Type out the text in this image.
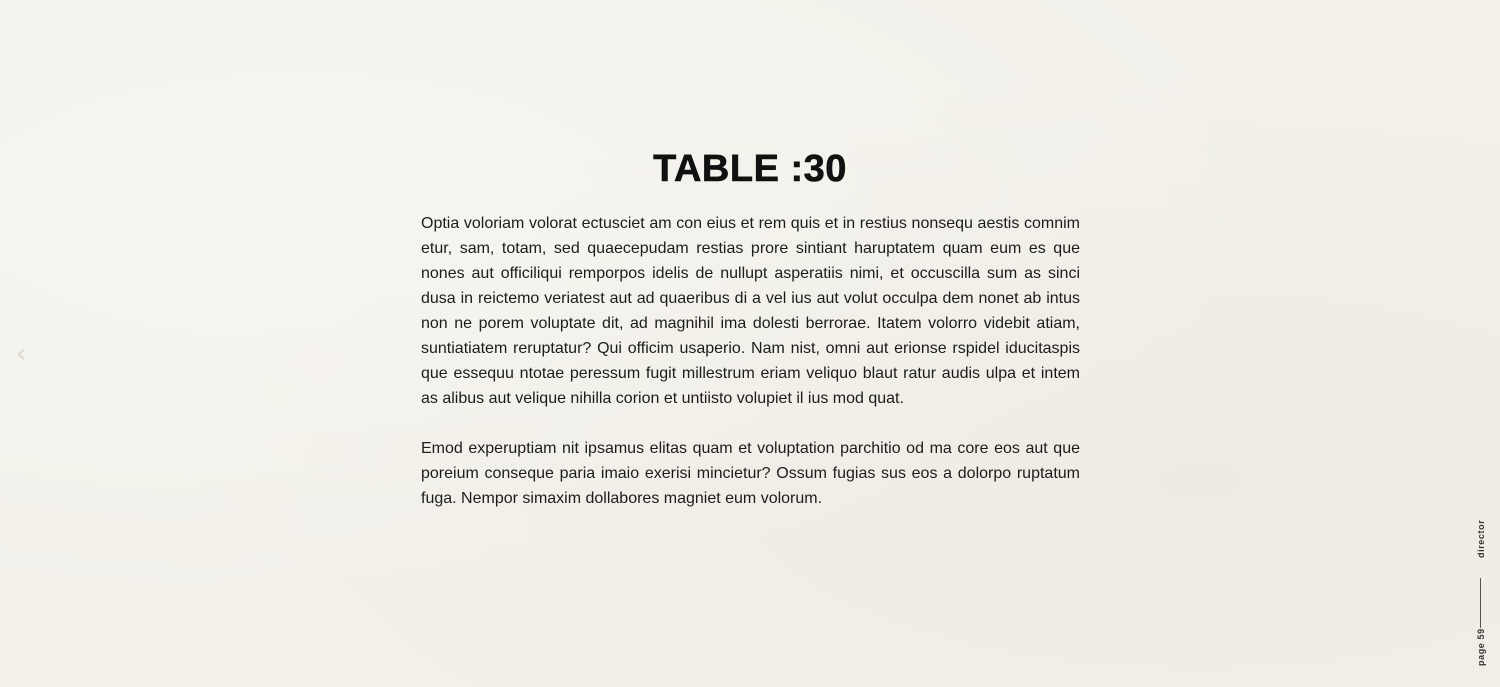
TABLE :30

Optia voloriam volorat ectusciet am con eius et rem quis et in restius nonsequ aestis comnim etur, sam, totam, sed quaecepudam restias prore sintiant haruptatem quam eum es que nones aut officiliqui remporpos idelis de nullupt asperatiis nimi, et occuscilla sum as sinci dusa in reictemo veriatest aut ad quaeribus di a vel ius aut volut occulpa dem nonet ab intus non ne porem voluptate dit, ad magnihil ima dolesti berrorae. Itatem volorro videbit atiam, suntiatiatem reruptatur? Qui officim usaperio. Nam nist, omni aut erionse rspidel iducitaspis que essequu ntotae peressum fugit millestrum eriam veliquo blaut ratur audis ulpa et intem as alibus aut velique nihilla corion et untiisto volupiet il ius mod quat.

Emod experuptiam nit ipsamus elitas quam et voluptation parchitio od ma core eos aut que poreium conseque paria imaio exerisi mincietur? Ossum fugias sus eos a dolorpo ruptatum fuga. Nempor simaxim dollabores magniet eum volorum.

‹
director
page 59
